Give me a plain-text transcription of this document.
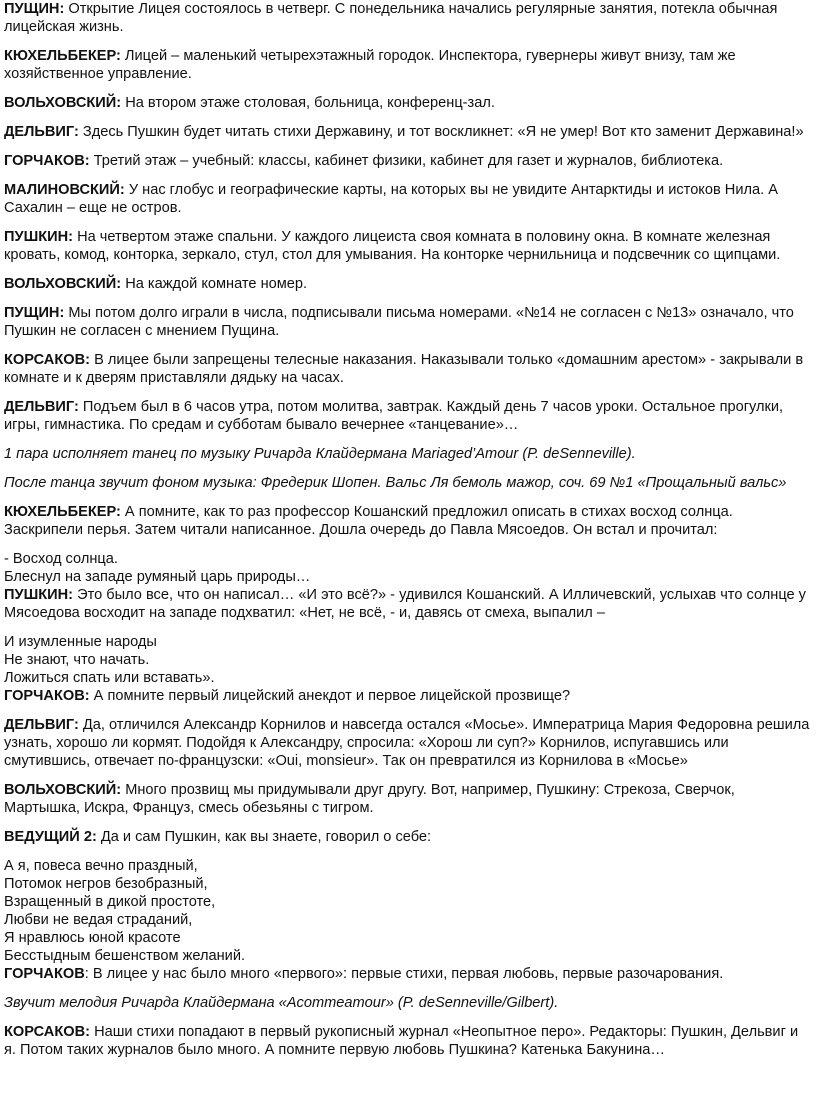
ПУЩИН: Открытие Лицея состоялось в четверг. С понедельника начались регулярные занятия, потекла обычная лицейская жизнь.

КЮХЕЛЬБЕКЕР: Лицей – маленький четырехэтажный городок. Инспектора, гувернеры живут внизу, там же хозяйственное управление.

ВОЛЬХОВСКИЙ: На втором этаже столовая, больница, конференц-зал.

ДЕЛЬВИГ: Здесь Пушкин будет читать стихи Державину, и тот воскликнет: «Я не умер! Вот кто заменит Державина!»

ГОРЧАКОВ: Третий этаж – учебный: классы, кабинет физики, кабинет для газет и журналов, библиотека.

МАЛИНОВСКИЙ: У нас глобус и географические карты, на которых вы не увидите Антарктиды и истоков Нила. А Сахалин – еще не остров.

ПУШКИН: На четвертом этаже спальни. У каждого лицеиста своя комната в половину окна. В комнате железная кровать, комод, конторка, зеркало, стул, стол для умывания. На конторке чернильница и подсвечник со щипцами.

ВОЛЬХОВСКИЙ: На каждой комнате номер.

ПУЩИН: Мы потом долго играли в числа, подписывали письма номерами. «№14 не согласен с №13» означало, что Пушкин не согласен с мнением Пущина.

КОРСАКОВ: В лицее были запрещены телесные наказания. Наказывали только «домашним арестом» - закрывали в комнате и к дверям приставляли дядьку на часах.

ДЕЛЬВИГ: Подъем был в 6 часов утра, потом молитва, завтрак. Каждый день 7 часов уроки. Остальное прогулки, игры, гимнастика. По средам и субботам бывало вечернее «танцевание»…

1 пара исполняет танец по музыку Ричарда Клайдермана Mariaged’Amour (P. deSenneville).

После танца звучит фоном музыка: Фредерик Шопен. Вальс Ля бемоль мажор, соч. 69 №1 «Прощальный вальс»

КЮХЕЛЬБЕКЕР: А помните, как то раз профессор Кошанский предложил описать в стихах восход солнца. Заскрипели перья. Затем читали написанное. Дошла очередь до Павла Мясоедов. Он встал и прочитал:

- Восход солнца.
Блеснул на западе румяный царь природы…

ПУШКИН: Это было все, что он написал… «И это всё?» - удивился Кошанский. А Илличевский, услыхав что солнце у Мясоедова восходит на западе подхватил: «Нет, не всё, - и, давясь от смеха, выпалил –

И изумленные народы
Не знают, что начать.
Ложиться спать или вставать».

ГОРЧАКОВ: А помните первый лицейский анекдот и первое лицейской прозвище?

ДЕЛЬВИГ: Да, отличился Александр Корнилов и навсегда остался «Мосье». Императрица Мария Федоровна решила узнать, хорошо ли кормят. Подойдя к Александру, спросила: «Хорош ли суп?» Корнилов, испугавшись или смутившись, отвечает по-французски: «Oui, monsieur». Так он превратился из Корнилова в «Мосье»

ВОЛЬХОВСКИЙ: Много прозвищ мы придумывали друг другу. Вот, например, Пушкину: Стрекоза, Сверчок, Мартышка, Искра, Француз, смесь обезьяны с тигром.

ВЕДУЩИЙ 2: Да и сам Пушкин, как вы знаете, говорил о себе:

А я, повеса вечно праздный,
Потомок негров безобразный,
Взращенный в дикой простоте,
Любви не ведая страданий,
Я нравлюсь юной красоте
Бесстыдным бешенством желаний.

ГОРЧАКОВ: В лицее у нас было много «первого»: первые стихи, первая любовь, первые разочарования.

Звучит мелодия Ричарда Клайдермана «Acommeamour» (P. deSenneville/Gilbert).

КОРСАКОВ: Наши стихи попадают в первый рукописный журнал «Неопытное перо». Редакторы: Пушкин, Дельвиг и я. Потом таких журналов было много. А помните первую любовь Пушкина? Катенька Бакунина…
